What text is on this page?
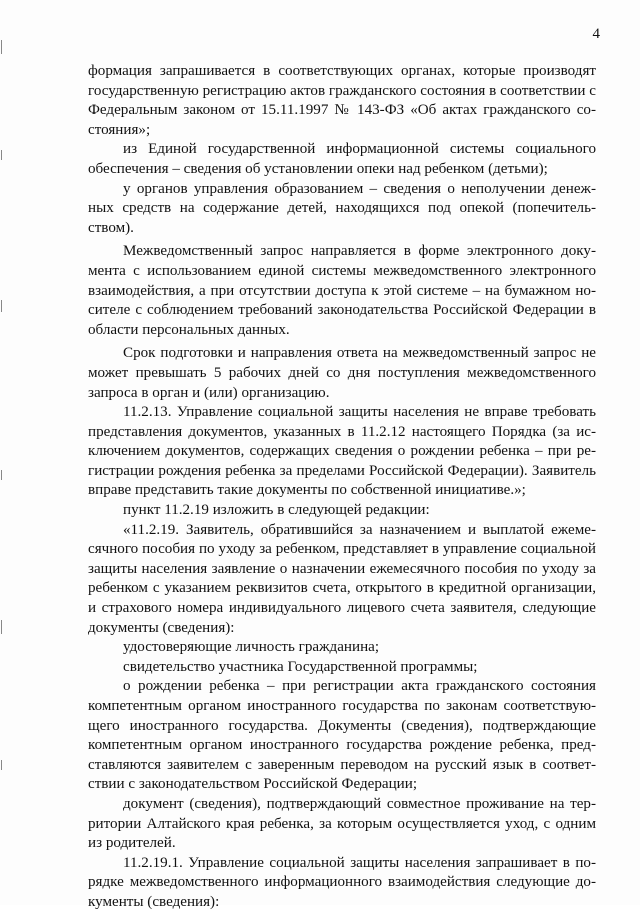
4

формация запрашивается в соответствующих органах, которые производят государственную регистрацию актов гражданского состояния в соответствии с Федеральным законом от 15.11.1997 № 143-ФЗ «Об актах гражданского состояния»;

из Единой государственной информационной системы социального обеспечения – сведения об установлении опеки над ребенком (детьми);

у органов управления образованием – сведения о неполучении денежных средств на содержание детей, находящихся под опекой (попечительством).

Межведомственный запрос направляется в форме электронного документа с использованием единой системы межведомственного электронного взаимодействия, а при отсутствии доступа к этой системе – на бумажном носителе с соблюдением требований законодательства Российской Федерации в области персональных данных.

Срок подготовки и направления ответа на межведомственный запрос не может превышать 5 рабочих дней со дня поступления межведомственного запроса в орган и (или) организацию.

11.2.13. Управление социальной защиты населения не вправе требовать представления документов, указанных в 11.2.12 настоящего Порядка (за исключением документов, содержащих сведения о рождении ребенка – при регистрации рождения ребенка за пределами Российской Федерации). Заявитель вправе представить такие документы по собственной инициативе.»;

пункт 11.2.19 изложить в следующей редакции:

«11.2.19. Заявитель, обратившийся за назначением и выплатой ежемесячного пособия по уходу за ребенком, представляет в управление социальной защиты населения заявление о назначении ежемесячного пособия по уходу за ребенком с указанием реквизитов счета, открытого в кредитной организации, и страхового номера индивидуального лицевого счета заявителя, следующие документы (сведения):

удостоверяющие личность гражданина;

свидетельство участника Государственной программы;

о рождении ребенка – при регистрации акта гражданского состояния компетентным органом иностранного государства по законам соответствующего иностранного государства. Документы (сведения), подтверждающие компетентным органом иностранного государства рождение ребенка, представляются заявителем с заверенным переводом на русский язык в соответствии с законодательством Российской Федерации;

документ (сведения), подтверждающий совместное проживание на территории Алтайского края ребенка, за которым осуществляется уход, с одним из родителей.

11.2.19.1. Управление социальной защиты населения запрашивает в порядке межведомственного информационного взаимодействия следующие документы (сведения):
